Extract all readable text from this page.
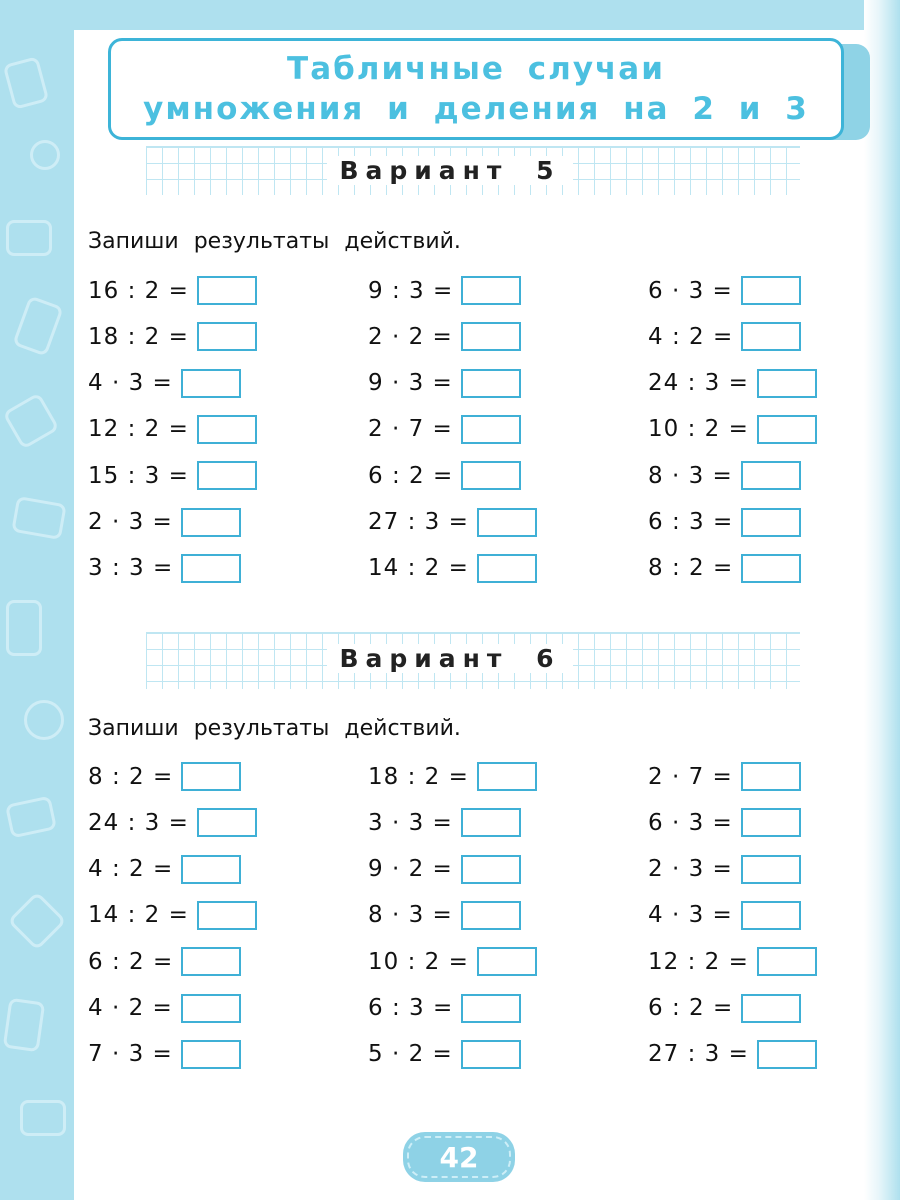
Табличные случаи
умножения и деления на 2 и 3
Вариант 5
Запиши результаты действий.
16 : 2 =
18 : 2 =
4 · 3 =
12 : 2 =
15 : 3 =
2 · 3 =
3 : 3 =
9 : 3 =
2 · 2 =
9 · 3 =
2 · 7 =
6 : 2 =
27 : 3 =
14 : 2 =
6 · 3 =
4 : 2 =
24 : 3 =
10 : 2 =
8 · 3 =
6 : 3 =
8 : 2 =
Вариант 6
Запиши результаты действий.
8 : 2 =
24 : 3 =
4 : 2 =
14 : 2 =
6 : 2 =
4 · 2 =
7 · 3 =
18 : 2 =
3 · 3 =
9 · 2 =
8 · 3 =
10 : 2 =
6 : 3 =
5 · 2 =
2 · 7 =
6 · 3 =
2 · 3 =
4 · 3 =
12 : 2 =
6 : 2 =
27 : 3 =
42
